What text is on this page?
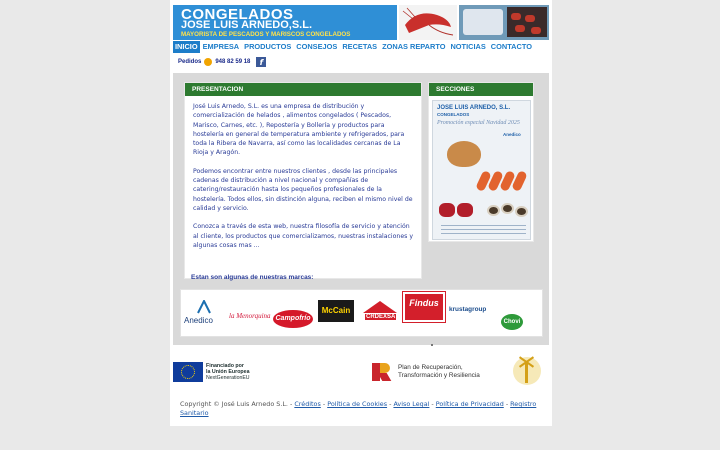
CONGELADOS
JOSE LUIS ARNEDO,S.L.
MAYORISTA DE PESCADOS Y MARISCOS CONGELADOS
INICIO EMPRESA PRODUCTOS CONSEJOS RECETAS ZONAS REPARTO NOTICIAS CONTACTO
Pedidos 948 82 59 18	f
PRESENTACION

José Luis Arnedo, S.L. es una empresa de distribución y comercialización de helados , alimentos congelados ( Pescados, Marisco, Carnes, etc. ), Repostería y Bollería y productos para hostelería en general de temperatura ambiente y refrigerados, para toda la Ribera de Navarra, así como las localidades cercanas de La Rioja y Aragón.

Podemos encontrar entre nuestros clientes , desde las principales cadenas de distribución a nivel nacional y compañías de catering/restauración hasta los pequeños profesionales de la hostelería. Todos ellos, sin distinción alguna, reciben el mismo nivel de calidad y servicio.

Conozca a través de esta web, nuestra filosofía de servicio y atención al cliente, los productos que comercializamos, nuestras instalaciones y algunas cosas mas ...

Estan son algunas de nuestras marcas:
SECCIONES
JOSE LUIS ARNEDO, S.L.
CONGELADOS
Promoción especial Navidad 2025
Anedico
Anedico la Menorquina Campofrío
McCain
CRDEXSA
Findus
krustagroup
Chovi
Financiado por
la Unión Europea
NextGenerationEU
Plan de Recuperación,
Transformación y Resiliencia
Copyright © José Luis Arnedo S.L. - Créditos - Política de Cookies - Aviso Legal - Política de Privacidad - Registro Sanitario
